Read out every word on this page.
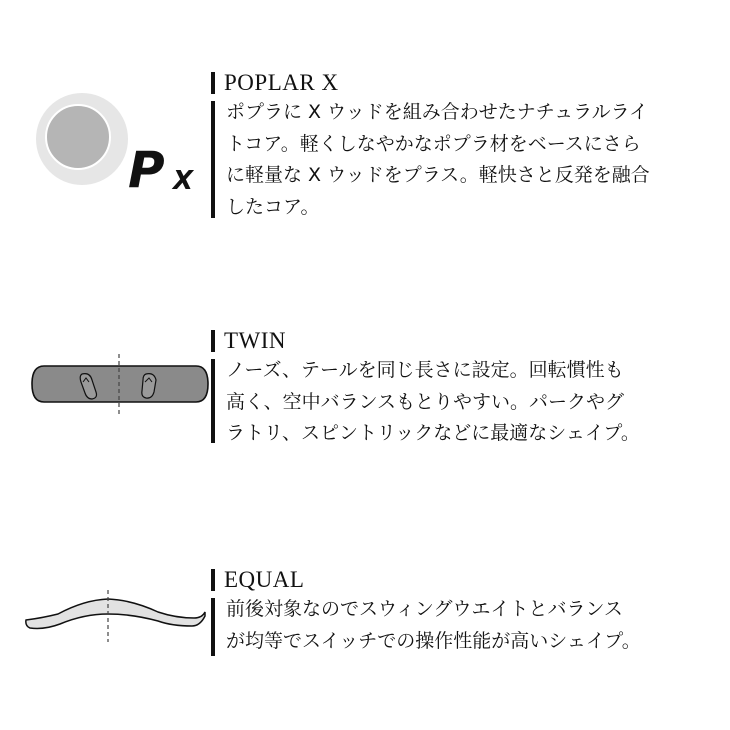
P X
POPLAR X
ポプラに X ウッドを組み合わせたナチュラルライ
トコア。軽くしなやかなポプラ材をベースにさら
に軽量な X ウッドをプラス。軽快さと反発を融合
したコア。
TWIN
ノーズ、テールを同じ長さに設定。回転慣性も
高く、空中バランスもとりやすい。パークやグ
ラトリ、スピントリックなどに最適なシェイプ。
EQUAL
前後対象なのでスウィングウエイトとバランス
が均等でスイッチでの操作性能が高いシェイプ。
